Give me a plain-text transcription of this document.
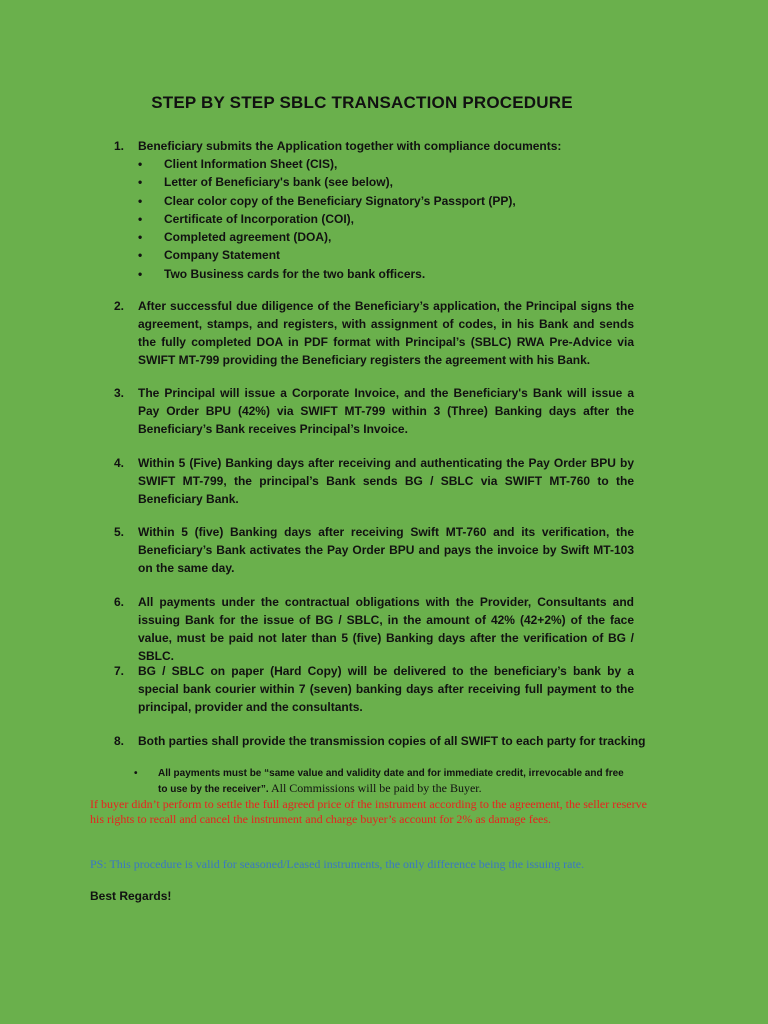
STEP BY STEP SBLC TRANSACTION PROCEDURE
1.	Beneficiary submits the Application together with compliance documents:
• Client Information Sheet (CIS),
• Letter of Beneficiary's bank (see below),
• Clear color copy of the Beneficiary Signatory’s Passport (PP),
• Certificate of Incorporation (COI),
• Completed agreement (DOA),
• Company Statement
• Two Business cards for the two bank officers.
2.	After successful due diligence of the Beneficiary’s application, the Principal signs the agreement, stamps, and registers, with assignment of codes, in his Bank and sends the fully completed DOA in PDF format with Principal’s (SBLC) RWA Pre-Advice via SWIFT MT-799 providing the Beneficiary registers the agreement with his Bank.
3.	The Principal will issue a Corporate Invoice, and the Beneficiary's Bank will issue a Pay Order BPU (42%) via SWIFT MT-799 within 3 (Three) Banking days after the Beneficiary’s Bank receives Principal’s Invoice.
4.	Within 5 (Five) Banking days after receiving and authenticating the Pay Order BPU by SWIFT MT-799, the principal’s Bank sends BG / SBLC via SWIFT MT-760 to the Beneficiary Bank.
5.	Within 5 (five) Banking days after receiving Swift MT-760 and its verification, the Beneficiary’s Bank activates the Pay Order BPU and pays the invoice by Swift MT-103 on the same day.
6.	All payments under the contractual obligations with the Provider, Consultants and issuing Bank for the issue of BG / SBLC, in the amount of 42% (42+2%) of the face value, must be paid not later than 5 (five) Banking days after the verification of BG / SBLC.
7.	BG / SBLC on paper (Hard Copy) will be delivered to the beneficiary’s bank by a special bank courier within 7 (seven) banking days after receiving full payment to the principal, provider and the consultants.
8.	Both parties shall provide the transmission copies of all SWIFT to each party for tracking
• All payments must be “same value and validity date and for immediate credit, irrevocable and free to use by the receiver”. All Commissions will be paid by the Buyer.
If buyer didn’t perform to settle the full agreed price of the instrument according to the agreement, the seller reserve his rights to recall and cancel the instrument and charge buyer’s account for 2% as damage fees.
PS: This procedure is valid for seasoned/Leased instruments, the only difference being the issuing rate.
Best Regards!
